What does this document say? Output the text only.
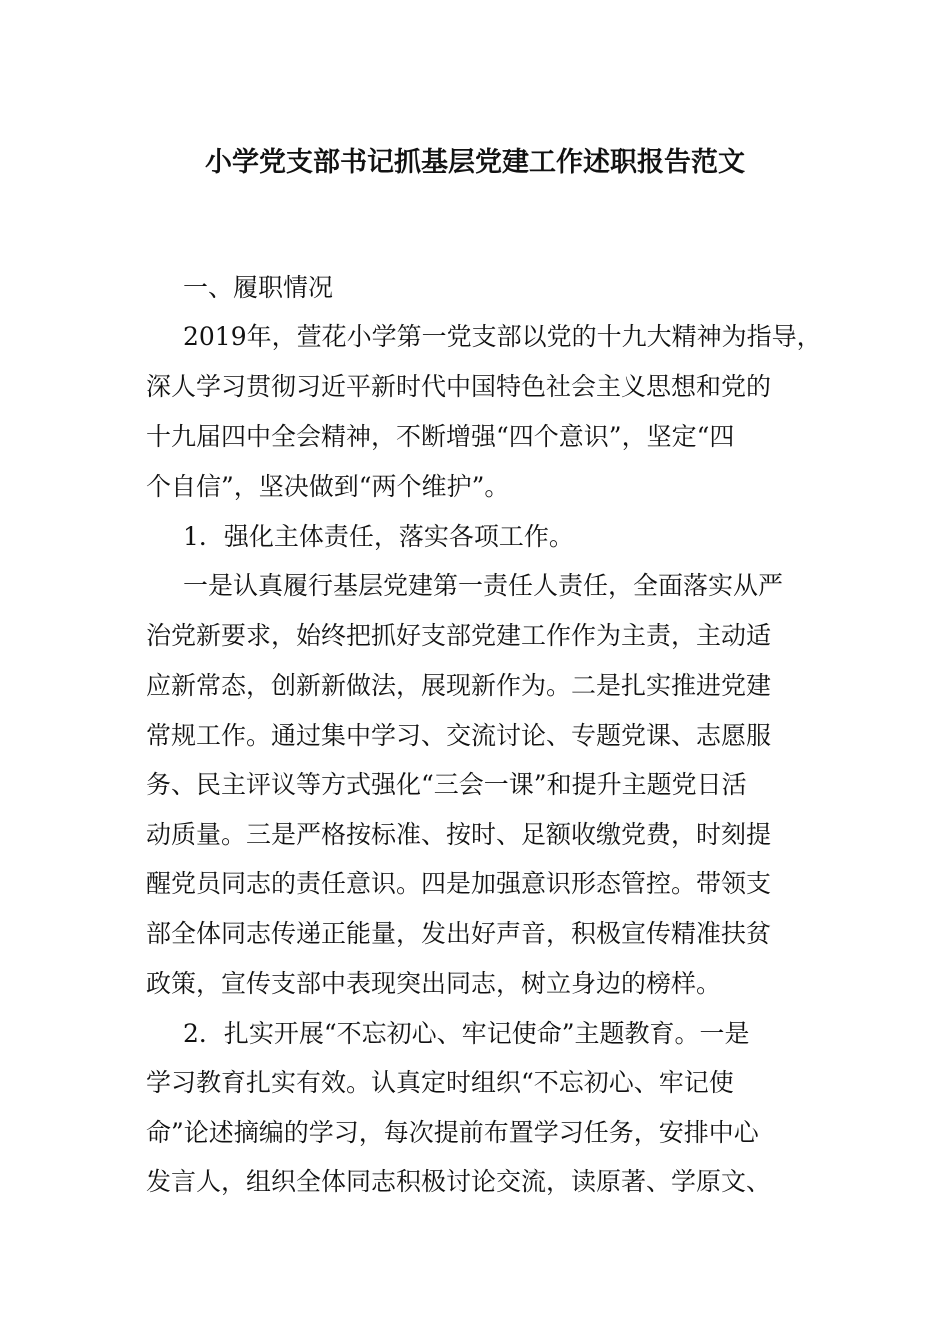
小学党支部书记抓基层党建工作述职报告范文
一、履职情况
2019年，萱花小学第一党支部以党的十九大精神为指导，
深人学习贯彻习近平新时代中国特色社会主义思想和党的
十九届四中全会精神，不断增强“四个意识”，坚定“四
个自信”，坚决做到“两个维护”。
1．强化主体责任，落实各项工作。
一是认真履行基层党建第一责任人责任，全面落实从严
治党新要求，始终把抓好支部党建工作作为主责，主动适
应新常态，创新新做法，展现新作为。二是扎实推进党建
常规工作。通过集中学习、交流讨论、专题党课、志愿服
务、民主评议等方式强化“三会一课”和提升主题党日活
动质量。三是严格按标准、按时、足额收缴党费，时刻提
醒党员同志的责任意识。四是加强意识形态管控。带领支
部全体同志传递正能量，发出好声音，积极宣传精准扶贫
政策，宣传支部中表现突出同志，树立身边的榜样。
2．扎实开展“不忘初心、牢记使命”主题教育。一是
学习教育扎实有效。认真定时组织“不忘初心、牢记使
命”论述摘编的学习，每次提前布置学习任务，安排中心
发言人，组织全体同志积极讨论交流，读原著、学原文、
